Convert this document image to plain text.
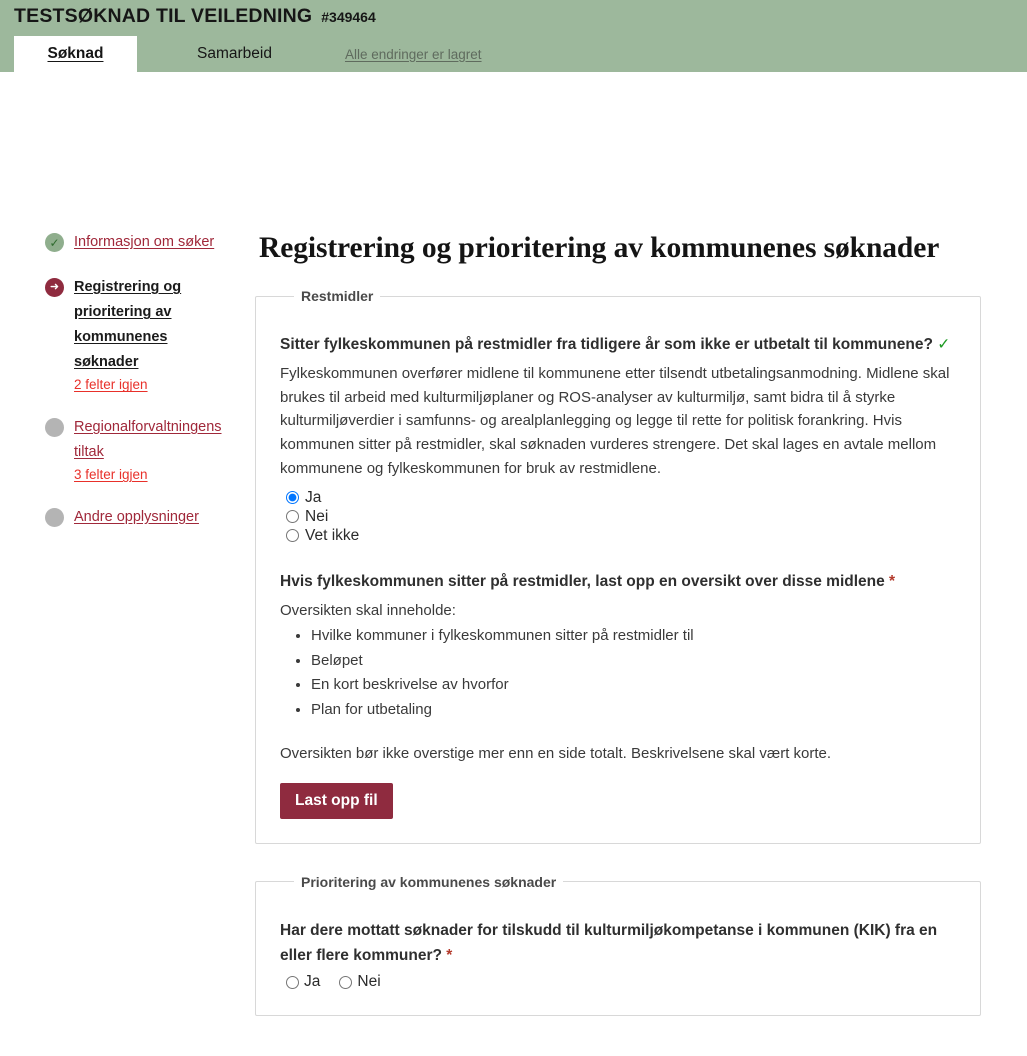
TESTSØKNAD TIL VEILEDNING #349464
Søknad	Samarbeid	Alle endringer er lagret
✓ Informasjon om søker
➜	Registrering og prioritering av kommunenes søknader
2 felter igjen
Regionalforvaltningens tiltak
3 felter igjen
Andre opplysninger
Registrering og prioritering av kommunenes søknader
Restmidler
Sitter fylkeskommunen på restmidler fra tidligere år som ikke er utbetalt til kommunene? ✓

Fylkeskommunen overfører midlene til kommunene etter tilsendt utbetalingsanmodning. Midlene skal brukes til arbeid med kulturmiljøplaner og ROS-analyser av kulturmiljø, samt bidra til å styrke kulturmiljøverdier i samfunns- og arealplanlegging og legge til rette for politisk forankring. Hvis kommunen sitter på restmidler, skal søknaden vurderes strengere. Det skal lages en avtale mellom kommunene og fylkeskommunen for bruk av restmidlene.

Ja
Nei
Vet ikke
Hvis fylkeskommunen sitter på restmidler, last opp en oversikt over disse midlene *

Oversikten skal inneholde:

• Hvilke kommuner i fylkeskommunen sitter på restmidler til
• Beløpet
• En kort beskrivelse av hvorfor
• Plan for utbetaling

Oversikten bør ikke overstige mer enn en side totalt. Beskrivelsene skal vært korte.

Last opp fil
Prioritering av kommunenes søknader
Har dere mottatt søknader for tilskudd til kulturmiljøkompetanse i kommunen (KIK) fra en eller flere kommuner? *
Ja Nei
